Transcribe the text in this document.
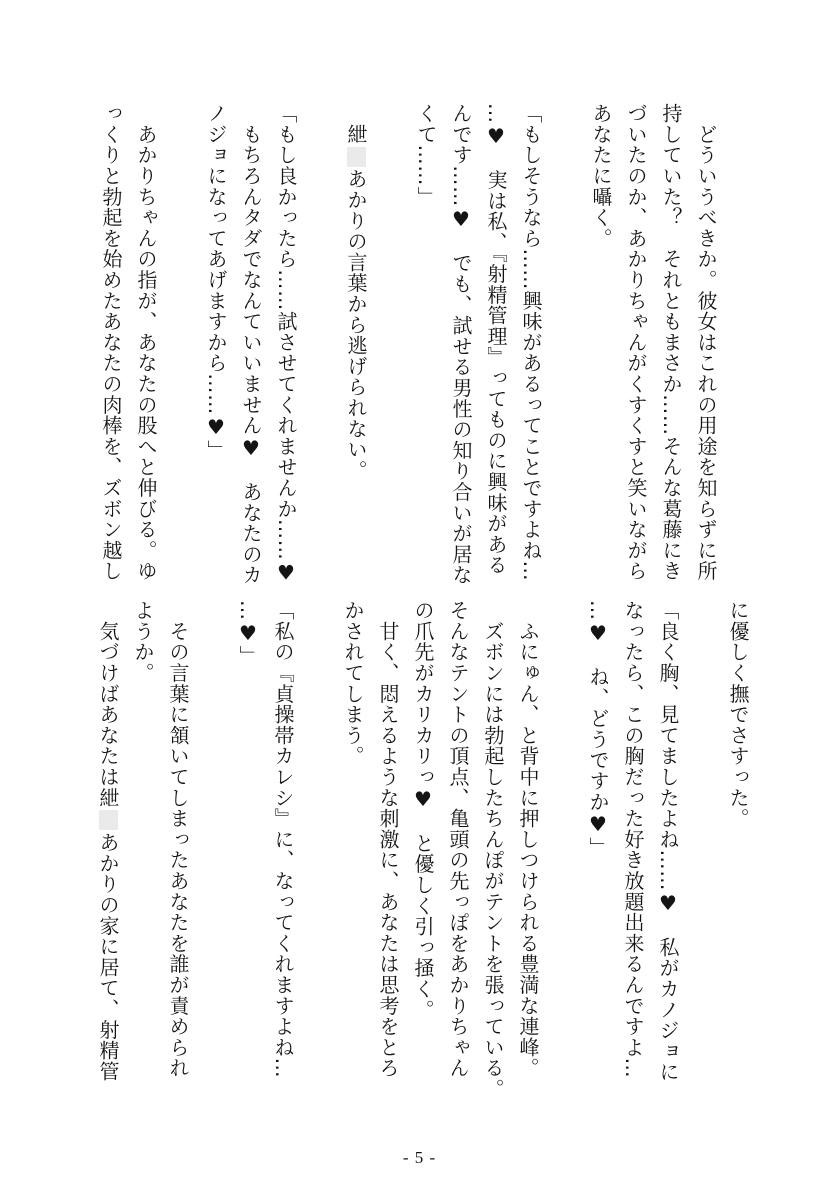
　どういうべきか。彼女はこれの用途を知らずに所
持していた？　それともまさか……そんな葛藤にき
づいたのか、あかりちゃんがくすくすと笑いながら
あなたに囁く。

「もしそうなら……興味があるってことですよね…
…♥　実は私、『射精管理』ってものに興味がある
んです……♥　でも、試せる男性の知り合いが居な
くて……」

　紲あかりの言葉から逃げられない。

「もし良かったら……試させてくれませんか……♥
　もちろんタダでなんていいません♥　あなたのカ
ノジョになってあげますから……♥」

　あかりちゃんの指が、あなたの股へと伸びる。ゆ
っくりと勃起を始めたあなたの肉棒を、ズボン越し
に優しく撫でさすった。

「良く胸、見てましたよね……♥　私がカノジョに
なったら、この胸だった好き放題出来るんですよ…
…♥　ね、どうですか♥」

　ふにゅん、と背中に押しつけられる豊満な連峰。
　ズボンには勃起したちんぽがテントを張っている。
そんなテントの頂点、亀頭の先っぽをあかりちゃん
の爪先がカリカリっ♥　と優しく引っ掻く。
　甘く、悶えるような刺激に、あなたは思考をとろ
かされてしまう。

「私の『貞操帯カレシ』に、なってくれますよね…
…♥」

　その言葉に頷いてしまったあなたを誰が責められ
ようか。
　気づけばあなたは紲あかりの家に居て、射精管
- 5 -
